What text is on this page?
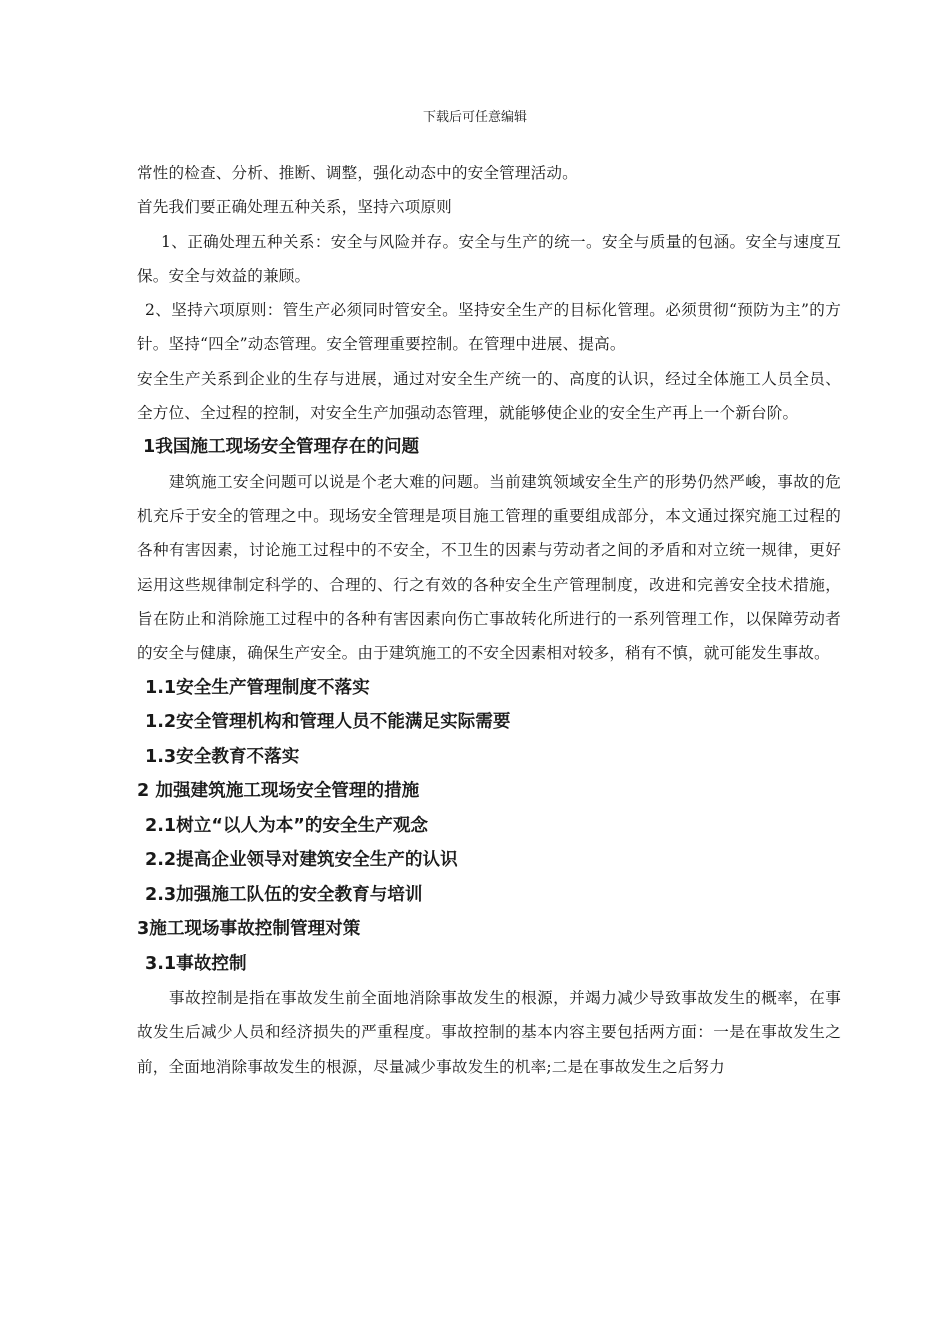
下载后可任意编辑

常性的检查、分析、推断、调整，强化动态中的安全管理活动。

首先我们要正确处理五种关系，坚持六项原则

1、正确处理五种关系：安全与风险并存。安全与生产的统一。安全与质量的包涵。安全与速度互保。安全与效益的兼顾。

2、坚持六项原则：管生产必须同时管安全。坚持安全生产的目标化管理。必须贯彻“预防为主”的方针。坚持“四全”动态管理。安全管理重要控制。在管理中进展、提高。

安全生产关系到企业的生存与进展，通过对安全生产统一的、高度的认识，经过全体施工人员全员、全方位、全过程的控制，对安全生产加强动态管理，就能够使企业的安全生产再上一个新台阶。

1我国施工现场安全管理存在的问题

建筑施工安全问题可以说是个老大难的问题。当前建筑领域安全生产的形势仍然严峻，事故的危机充斥于安全的管理之中。现场安全管理是项目施工管理的重要组成部分，本文通过探究施工过程的各种有害因素，讨论施工过程中的不安全，不卫生的因素与劳动者之间的矛盾和对立统一规律，更好运用这些规律制定科学的、合理的、行之有效的各种安全生产管理制度，改进和完善安全技术措施，旨在防止和消除施工过程中的各种有害因素向伤亡事故转化所进行的一系列管理工作，以保障劳动者的安全与健康，确保生产安全。由于建筑施工的不安全因素相对较多，稍有不慎，就可能发生事故。

1.1安全生产管理制度不落实
1.2安全管理机构和管理人员不能满足实际需要
1.3安全教育不落实
2 加强建筑施工现场安全管理的措施
2.1树立“以人为本”的安全生产观念
2.2提高企业领导对建筑安全生产的认识
2.3加强施工队伍的安全教育与培训
3施工现场事故控制管理对策
3.1事故控制

事故控制是指在事故发生前全面地消除事故发生的根源，并竭力减少导致事故发生的概率，在事故发生后减少人员和经济损失的严重程度。事故控制的基本内容主要包括两方面：一是在事故发生之前，全面地消除事故发生的根源，尽量减少事故发生的机率;二是在事故发生之后努力
